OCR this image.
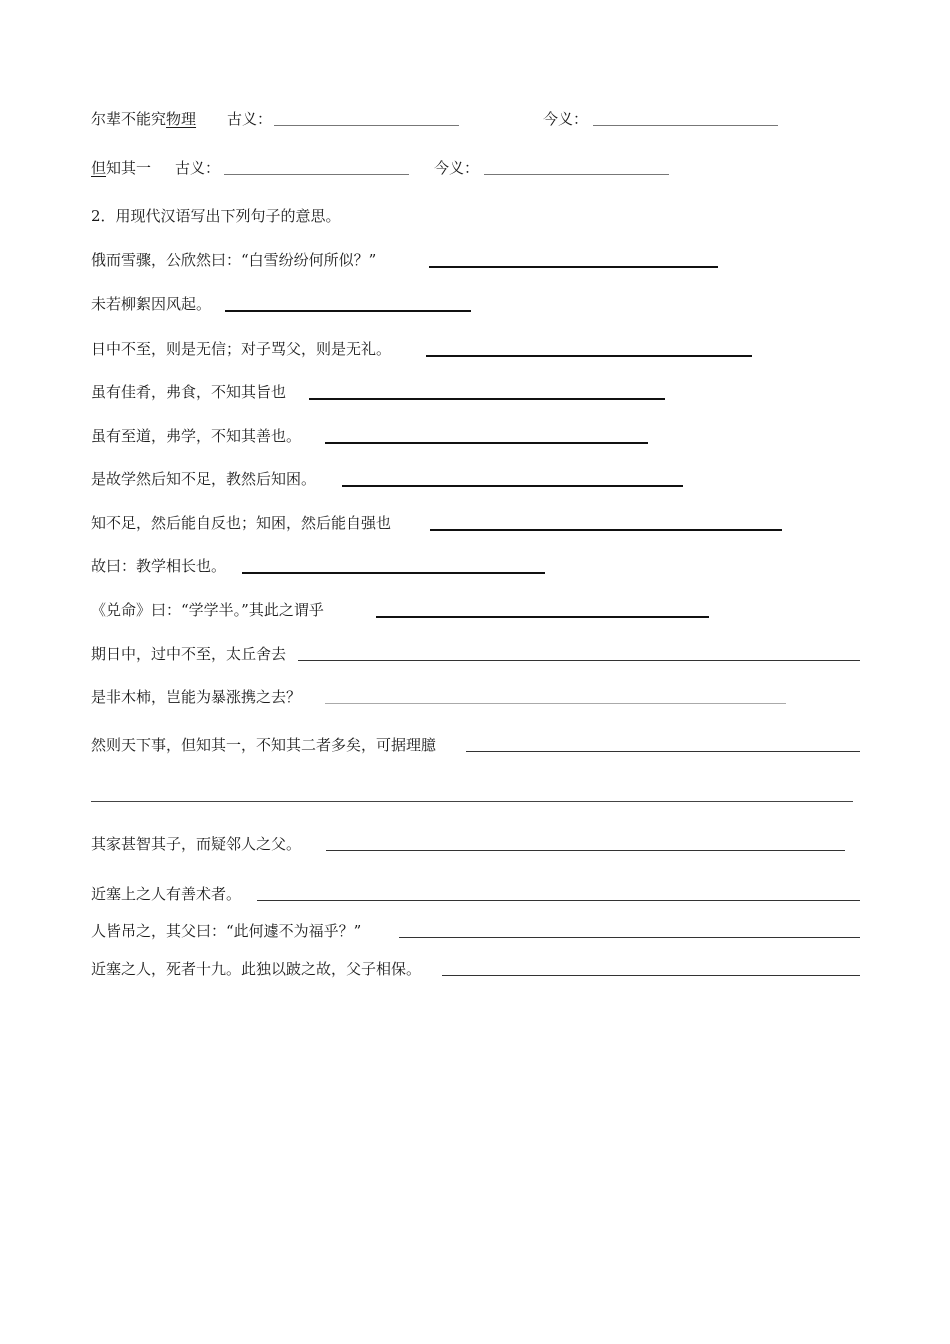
尔辈不能究物理 古义：	今义：
但知其一 古义：	今义：
2．用现代汉语写出下列句子的意思。
俄而雪骤，公欣然曰：“白雪纷纷何所似？”
未若柳絮因风起。
日中不至，则是无信；对子骂父，则是无礼。
虽有佳肴，弗食，不知其旨也
虽有至道，弗学，不知其善也。
是故学然后知不足，教然后知困。
知不足，然后能自反也；知困，然后能自强也
故曰：教学相长也。
《兑命》曰：“学学半。”其此之谓乎
期日中，过中不至，太丘舍去
是非木柿，岂能为暴涨携之去？
然则天下事，但知其一，不知其二者多矣，可据理臆
其家甚智其子，而疑邻人之父。
近塞上之人有善术者。
人皆吊之，其父曰：“此何遽不为福乎？”
近塞之人，死者十九。此独以跛之故，父子相保。
